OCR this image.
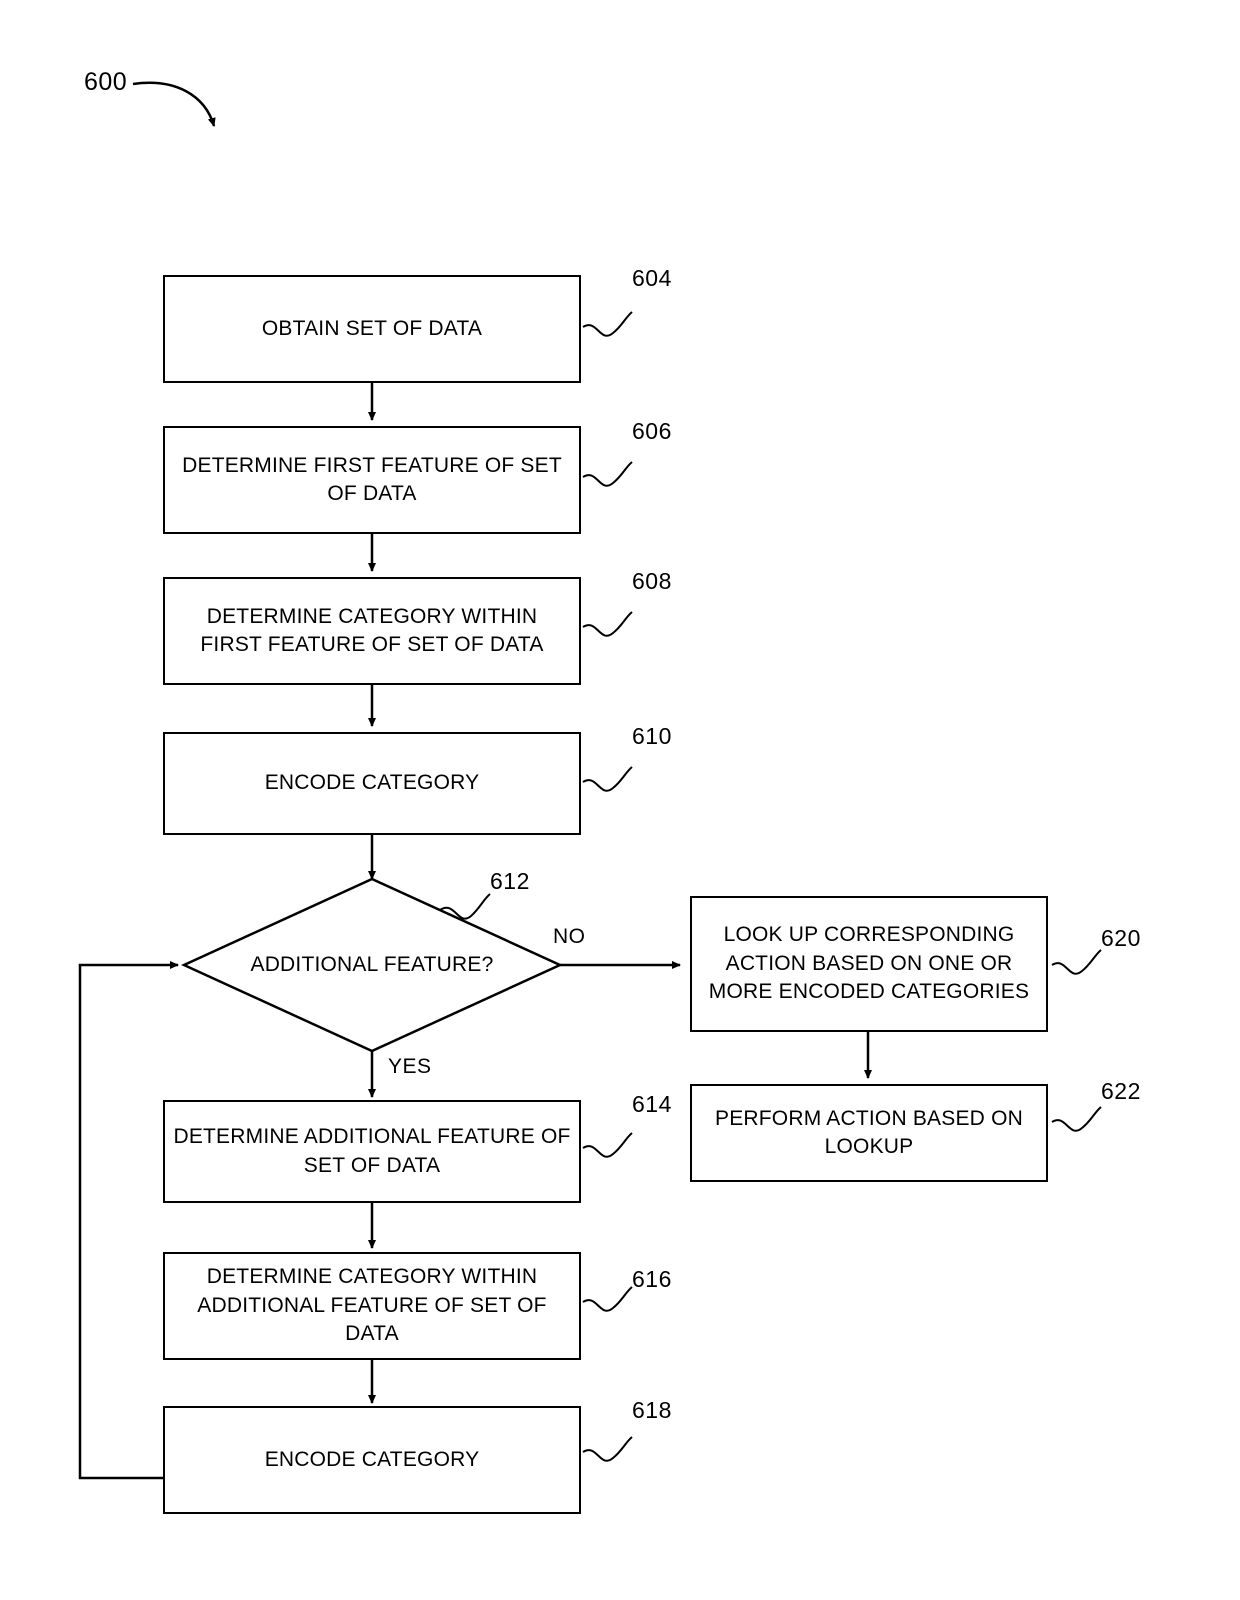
600
OBTAIN SET OF DATA
604
DETERMINE FIRST FEATURE OF SET OF DATA
606
DETERMINE CATEGORY WITHIN FIRST FEATURE OF SET OF DATA
608
ENCODE CATEGORY
610
ADDITIONAL FEATURE?
612
NO
YES
DETERMINE ADDITIONAL FEATURE OF SET OF DATA
614
DETERMINE CATEGORY WITHIN ADDITIONAL FEATURE OF SET OF DATA
616
ENCODE CATEGORY
618
LOOK UP CORRESPONDING ACTION BASED ON ONE OR MORE ENCODED CATEGORIES
620
PERFORM ACTION BASED ON LOOKUP
622
